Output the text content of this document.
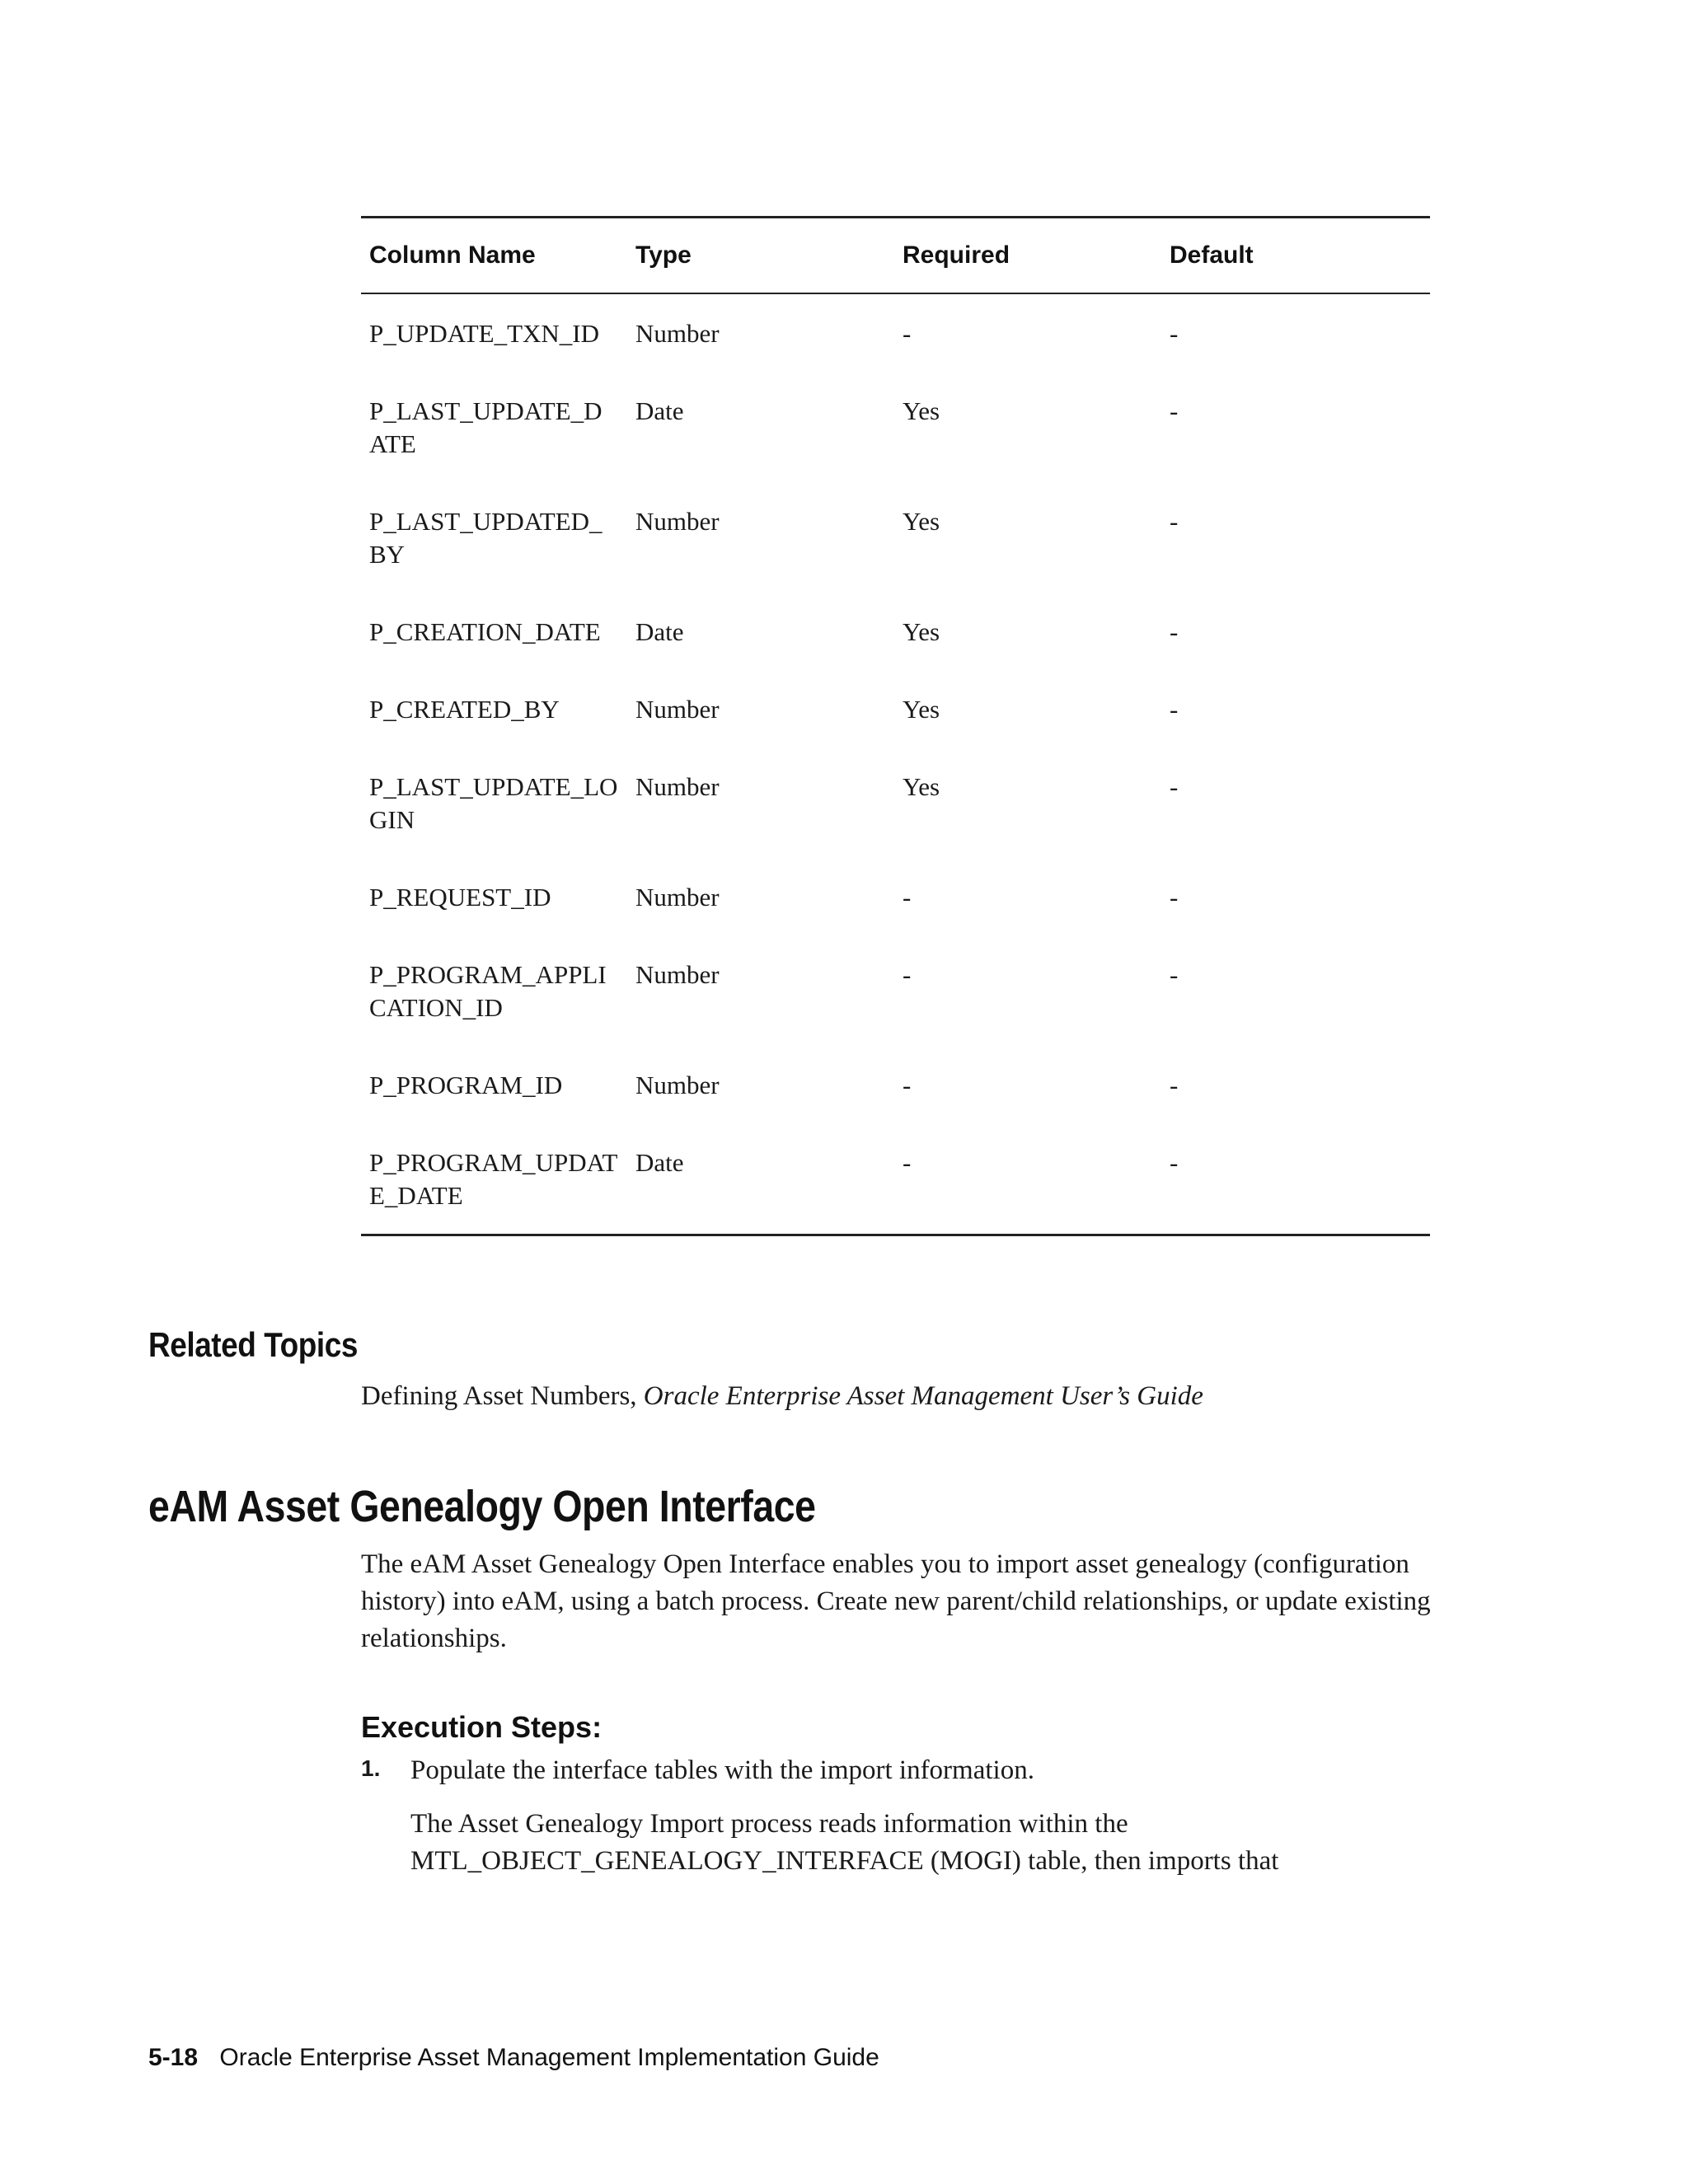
Column Name	Type	Required	Default
P_UPDATE_TXN_ID	Number	-	-
P_LAST_UPDATE_DATE	Date	Yes	-
P_LAST_UPDATED_BY	Number	Yes	-
P_CREATION_DATE	Date	Yes	-
P_CREATED_BY	Number	Yes	-
P_LAST_UPDATE_LOGIN	Number	Yes	-
P_REQUEST_ID	Number	-	-
P_PROGRAM_APPLICATION_ID	Number	-	-
P_PROGRAM_ID	Number	-	-
P_PROGRAM_UPDATE_DATE	Date	-	-
Related Topics

Defining Asset Numbers, Oracle Enterprise Asset Management User’s Guide

eAM Asset Genealogy Open Interface

The eAM Asset Genealogy Open Interface enables you to import asset genealogy (configuration history) into eAM, using a batch process. Create new parent/child relationships, or update existing relationships.

Execution Steps:
1. Populate the interface tables with the import information.

The Asset Genealogy Import process reads information within the MTL_OBJECT_GENEALOGY_INTERFACE (MOGI) table, then imports that

5-18 Oracle Enterprise Asset Management Implementation Guide
